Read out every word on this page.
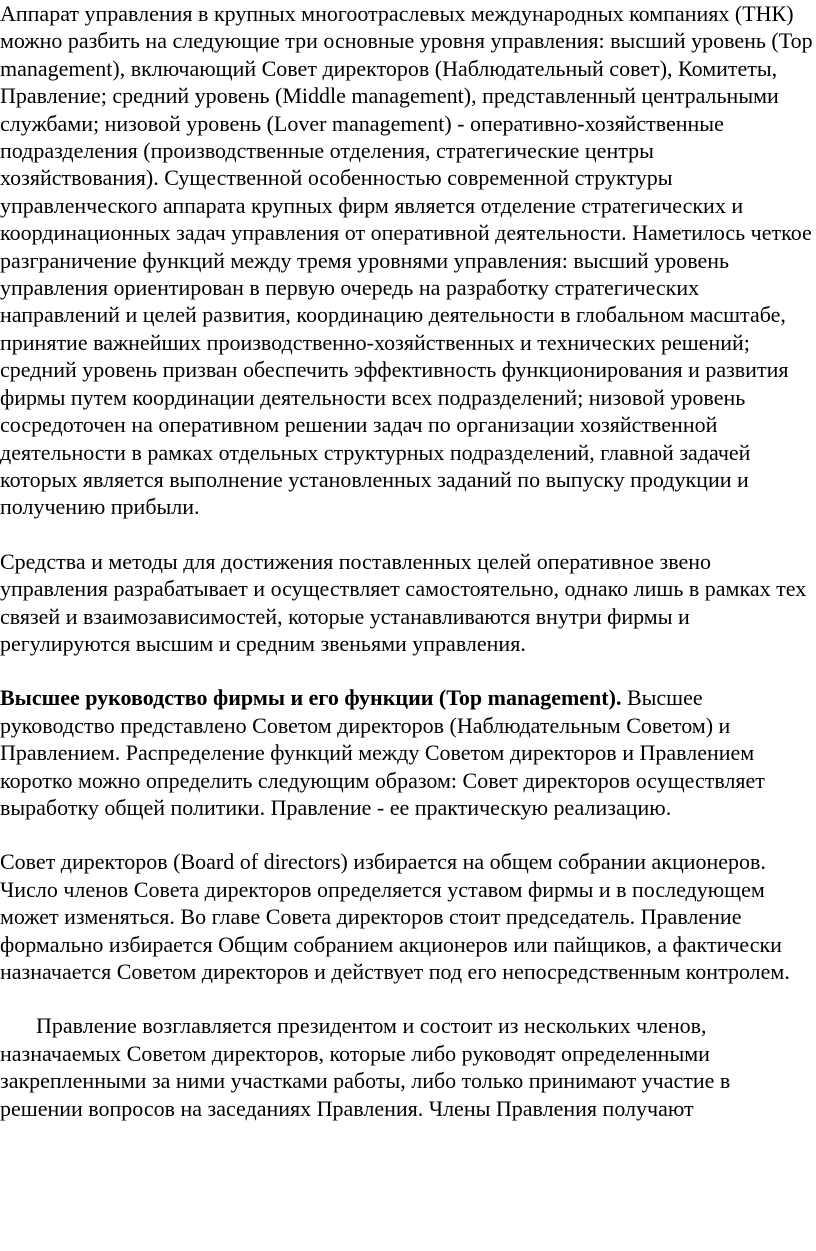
Аппарат управления в крупных многоотраслевых международных компаниях (ТНК) можно разбить на следующие три основные уровня управления: высший уровень (Top management), включающий Совет директоров (Наблюдательный совет), Комитеты, Правление; средний уровень (Middle management), представленный центральными службами; низовой уровень (Lover management) - оперативно-хозяйственные подразделения (производственные отделения, стратегические центры хозяйствования). Существенной особенностью современной структуры управленческого аппарата крупных фирм является отделение стратегических и координационных задач управления от оперативной деятельности. Наметилось четкое разграничение функций между тремя уровнями управления: высший уровень управления ориентирован в первую очередь на разработку стратегических направлений и целей развития, координацию деятельности в глобальном масштабе, принятие важнейших производственно-хозяйственных и технических решений; средний уровень призван обеспечить эффективность функционирования и развития фирмы путем координации деятельности всех подразделений; низовой уровень сосредоточен на оперативном решении задач по организации хозяйственной деятельности в рамках отдельных структурных подразделений, главной задачей которых является выполнение установленных заданий по выпуску продукции и получению прибыли.

Средства и методы для достижения поставленных целей оперативное звено управления разрабатывает и осуществляет самостоятельно, однако лишь в рамках тех связей и взаимозависимостей, которые устанавливаются внутри фирмы и регулируются высшим и средним звеньями управления.

Высшее руководство фирмы и его функции (Top management). Высшее руководство представлено Советом директоров (Наблюдательным Советом) и Правлением. Распределение функций между Советом директоров и Правлением коротко можно определить следующим образом: Совет директоров осуществляет выработку общей политики. Правление - ее практическую реализацию.

Совет директоров (Board of directors) избирается на общем собрании акционеров. Число членов Совета директоров определяется уставом фирмы и в последующем может изменяться. Во главе Совета директоров стоит председатель. Правление формально избирается Общим собранием акционеров или пайщиков, а фактически назначается Советом директоров и действует под его непосредственным контролем.

Правление возглавляется президентом и состоит из нескольких членов, назначаемых Советом директоров, которые либо руководят определенными закрепленными за ними участками работы, либо только принимают участие в решении вопросов на заседаниях Правления. Члены Правления получают
